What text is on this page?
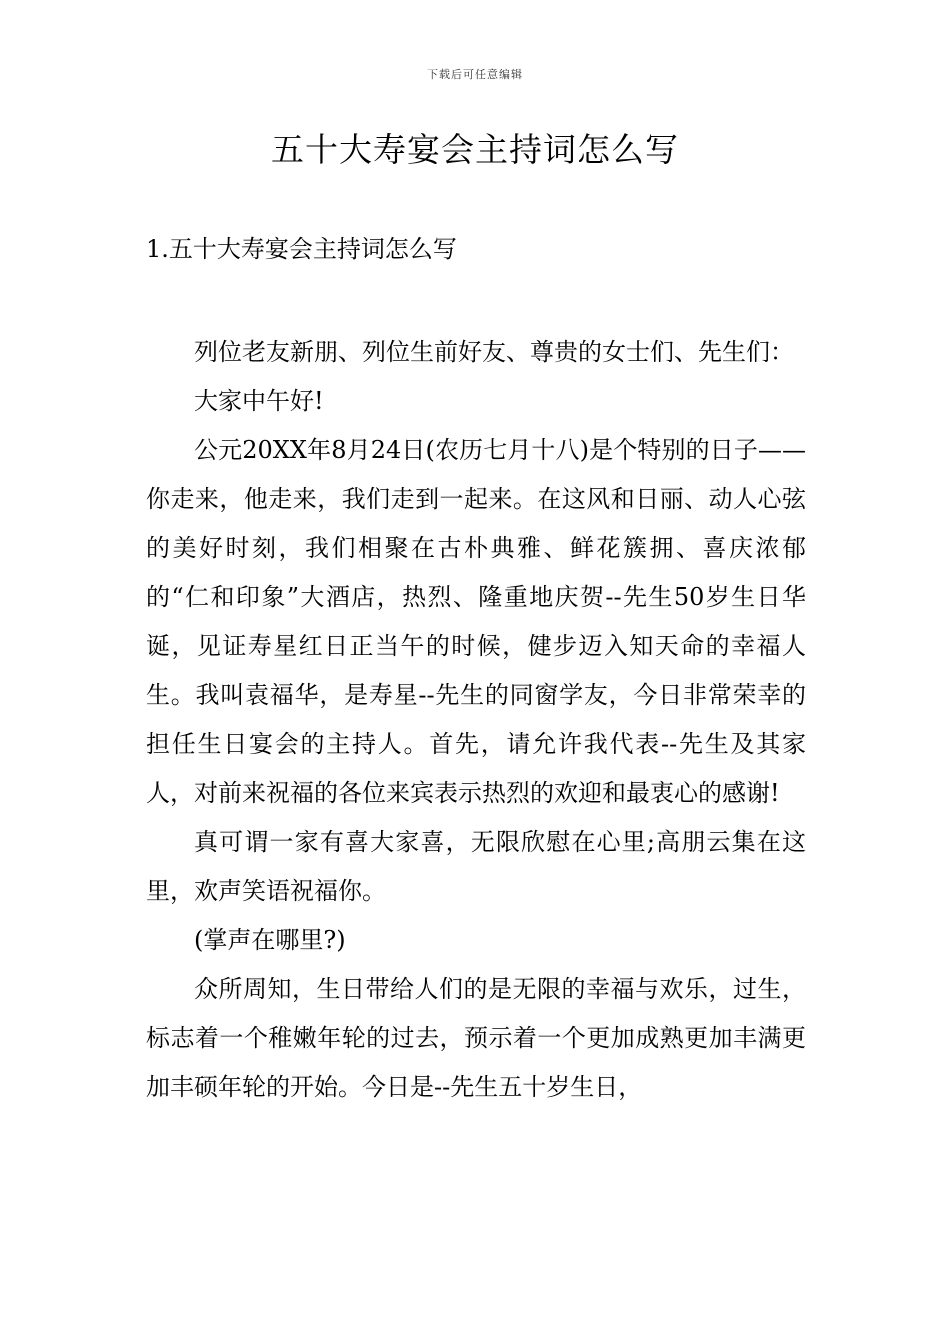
下载后可任意编辑
五十大寿宴会主持词怎么写
1.五十大寿宴会主持词怎么写

列位老友新朋、列位生前好友、尊贵的女士们、先生们：

大家中午好!

公元20XX年8月24日(农历七月十八)是个特别的日子——你走来，他走来，我们走到一起来。在这风和日丽、动人心弦的美好时刻，我们相聚在古朴典雅、鲜花簇拥、喜庆浓郁的“仁和印象”大酒店，热烈、隆重地庆贺--先生50岁生日华诞，见证寿星红日正当午的时候，健步迈入知天命的幸福人生。我叫袁福华，是寿星--先生的同窗学友，今日非常荣幸的担任生日宴会的主持人。首先，请允许我代表--先生及其家人，对前来祝福的各位来宾表示热烈的欢迎和最衷心的感谢!

真可谓一家有喜大家喜，无限欣慰在心里;高朋云集在这里，欢声笑语祝福你。

(掌声在哪里?)

众所周知，生日带给人们的是无限的幸福与欢乐，过生，标志着一个稚嫩年轮的过去，预示着一个更加成熟更加丰满更加丰硕年轮的开始。今日是--先生五十岁生日，
